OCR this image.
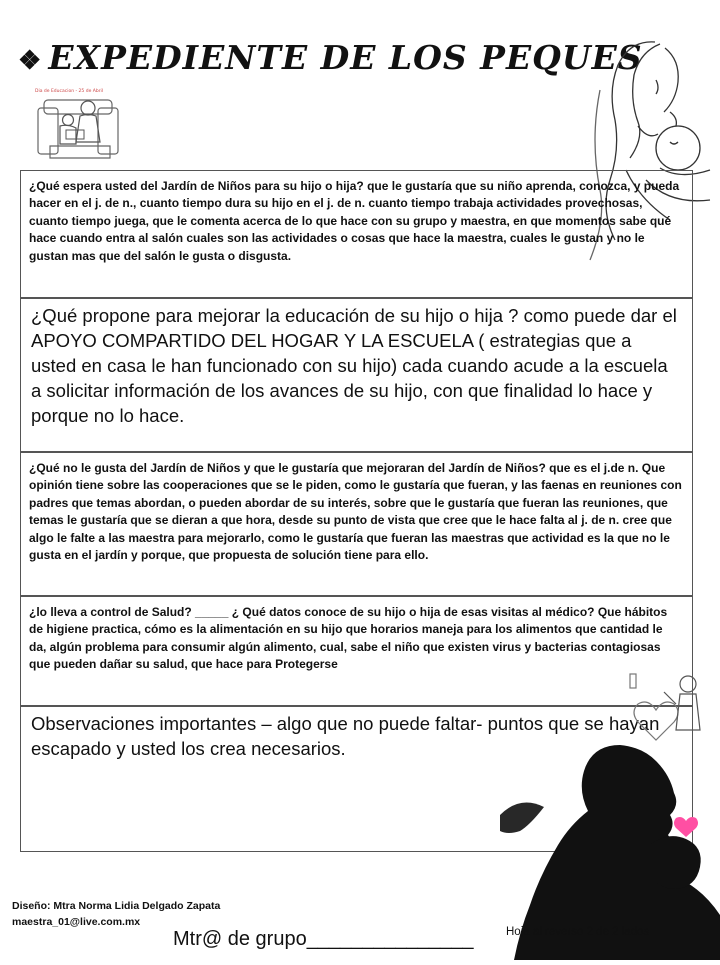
❖ EXPEDIENTE DE LOS PEQUES
Dia de Educacion - 25 de Abril

¿Qué espera usted del Jardín de Niños para su hijo o hija? que le gustaría que su niño aprenda, conozca, y pueda hacer en el j. de n., cuanto tiempo dura su hijo en el j. de n. cuanto tiempo trabaja actividades provechosas, cuanto tiempo juega, que le comenta acerca de lo que hace con su grupo y maestra, en que momentos sabe qué hace cuando entra al salón cuales son las actividades o cosas que hace la maestra, cuales le gustan y no le gustan mas que del salón le gusta o disgusta.

¿Qué propone para mejorar la educación de su hijo o hija ? como puede dar el APOYO COMPARTIDO DEL HOGAR Y LA ESCUELA ( estrategias que a usted en casa le han funcionado con su hijo) cada cuando acude a la escuela a solicitar información de los avances de su hijo, con que finalidad lo hace y porque no lo hace.

¿Qué no le gusta del Jardín de Niños y que le gustaría que mejoraran del Jardín de Niños? que es el j.de n. Que opinión tiene sobre las cooperaciones que se le piden, como le gustaría que fueran, y las faenas en reuniones con padres que temas abordan, o pueden abordar de su interés, sobre que le gustaría que fueran las reuniones, que temas le gustaría que se dieran a que hora, desde su punto de vista que cree que le hace falta al j. de n. cree que algo le falte a las maestra para mejorarlo, como le gustaría que fueran las maestras que actividad es la que no le gusta en el jardín y porque, que propuesta de solución tiene para ello.

¿lo lleva a control de Salud? _____ ¿ Qué datos conoce de su hijo o hija de esas visitas al médico? Que hábitos de higiene practica, cómo es la alimentación en su hijo que horarios maneja para los alimentos que cantidad le da, algún problema para consumir algún alimento, cual, sabe el niño que existen virus y bacterias contagiosas que pueden dañar su salud, que hace para Protegerse

Observaciones importantes – algo que no puede faltar- puntos que se hayan escapado y usted los crea necesarios.

Diseño: Mtra Norma Lidia Delgado Zapata
maestra_01@live.com.mx
Mtr@ de grupo_______________	Hoja al reverso 2 de 2 lados
